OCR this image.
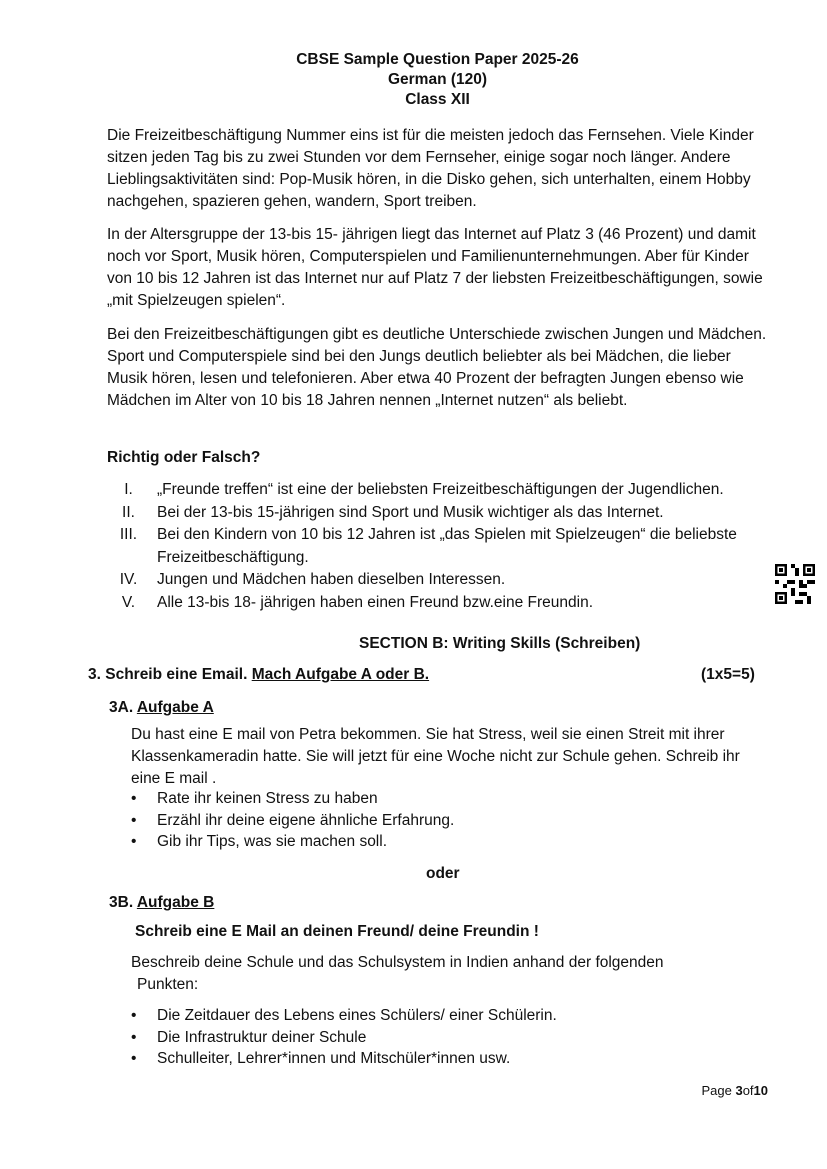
CBSE Sample Question Paper 2025-26
German (120)
Class XII
Die Freizeitbeschäftigung Nummer eins ist für die meisten jedoch das Fernsehen. Viele Kinder sitzen jeden Tag bis zu zwei Stunden vor dem Fernseher, einige sogar noch länger. Andere Lieblingsaktivitäten sind: Pop-Musik hören, in die Disko gehen, sich unterhalten, einem Hobby nachgehen, spazieren gehen, wandern, Sport treiben.
In der Altersgruppe der 13-bis 15- jährigen liegt das Internet auf Platz 3 (46 Prozent) und damit noch vor Sport, Musik hören, Computerspielen und Familienunternehmungen. Aber für Kinder von 10 bis 12 Jahren ist das Internet nur auf Platz 7 der liebsten Freizeitbeschäftigungen, sowie „mit Spielzeugen spielen“.
Bei den Freizeitbeschäftigungen gibt es deutliche Unterschiede zwischen Jungen und Mädchen. Sport und Computerspiele sind bei den Jungs deutlich beliebter als bei Mädchen, die lieber Musik hören, lesen und telefonieren. Aber etwa 40 Prozent der befragten Jungen ebenso wie Mädchen im Alter von 10 bis 18 Jahren nennen „Internet nutzen“ als beliebt.
Richtig oder Falsch?
I.	„Freunde treffen“ ist eine der beliebsten Freizeitbeschäftigungen der Jugendlichen.
II.	Bei der 13-bis 15-jährigen sind Sport und Musik wichtiger als das Internet.
III.	Bei den Kindern von 10 bis 12 Jahren ist „das Spielen mit Spielzeugen“ die beliebste Freizeitbeschäftigung.
IV.	Jungen und Mädchen haben dieselben Interessen.
V.	Alle 13-bis 18- jährigen haben einen Freund bzw.eine Freundin.
SECTION B: Writing Skills (Schreiben)
3. Schreib eine Email. Mach Aufgabe A oder B.	(1x5=5)
3A. Aufgabe A
Du hast eine E mail von Petra bekommen. Sie hat Stress, weil sie einen Streit mit ihrer Klassenkameradin hatte. Sie will jetzt für eine Woche nicht zur Schule gehen. Schreib ihr eine E mail .
•	Rate ihr keinen Stress zu haben
•	Erzähl ihr deine eigene ähnliche Erfahrung.
•	Gib ihr Tips, was sie machen soll.
oder
3B. Aufgabe B
Schreib eine E Mail an deinen Freund/ deine Freundin !
Beschreib deine Schule und das Schulsystem in Indien anhand der folgenden
Punkten:
•	Die Zeitdauer des Lebens eines Schülers/ einer Schülerin.
•	Die Infrastruktur deiner Schule
•	Schulleiter, Lehrer*innen und Mitschüler*innen usw.
Page 3of10
